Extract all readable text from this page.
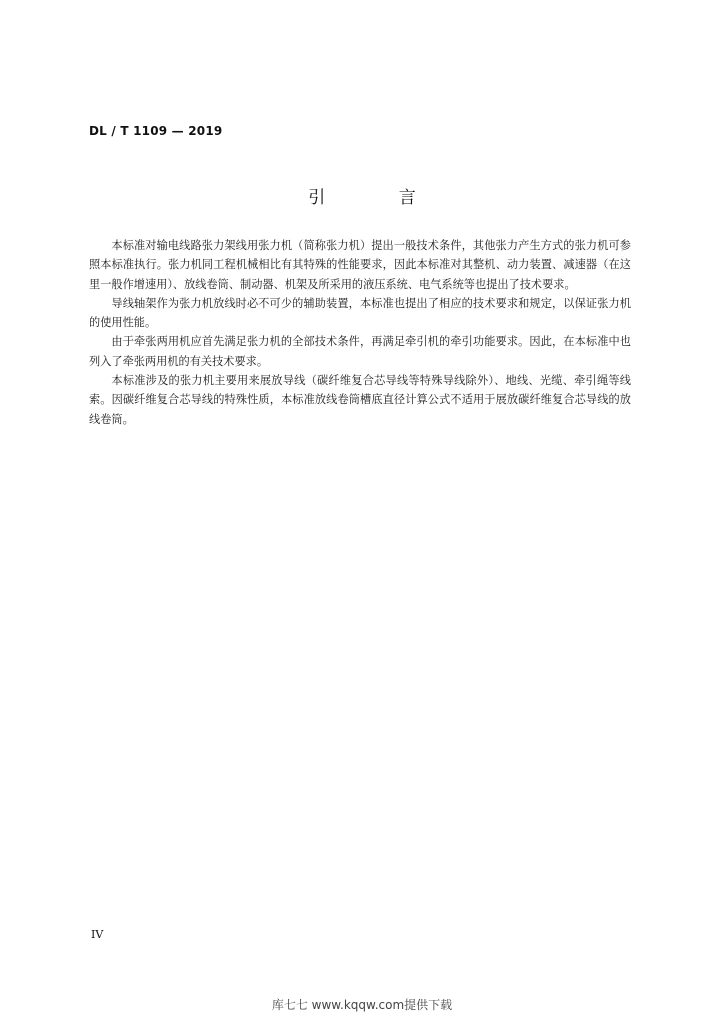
DL / T 1109 — 2019
引 言

本标准对输电线路张力架线用张力机（简称张力机）提出一般技术条件，其他张力产生方式的张力机可参照本标准执行。张力机同工程机械相比有其特殊的性能要求，因此本标准对其整机、动力装置、减速器（在这里一般作增速用）、放线卷筒、制动器、机架及所采用的液压系统、电气系统等也提出了技术要求。

导线轴架作为张力机放线时必不可少的辅助装置，本标准也提出了相应的技术要求和规定，以保证张力机的使用性能。

由于牵张两用机应首先满足张力机的全部技术条件，再满足牵引机的牵引功能要求。因此，在本标准中也列入了牵张两用机的有关技术要求。

本标准涉及的张力机主要用来展放导线（碳纤维复合芯导线等特殊导线除外）、地线、光缆、牵引绳等线索。因碳纤维复合芯导线的特殊性质，本标准放线卷筒槽底直径计算公式不适用于展放碳纤维复合芯导线的放线卷筒。

IV
库七七 www.kqqw.com提供下载
